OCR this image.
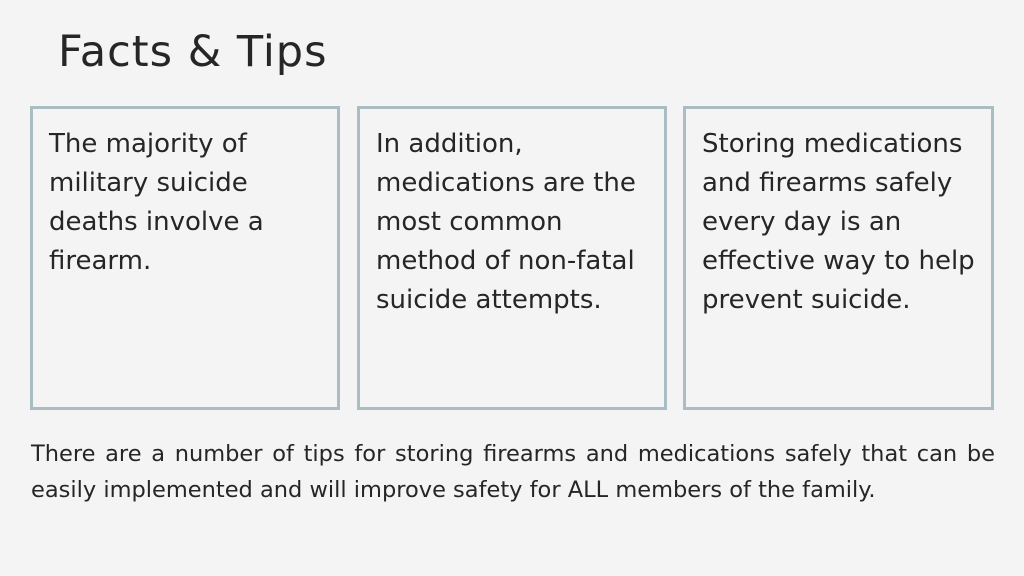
Facts & Tips
The majority of military suicide deaths involve a firearm.
In addition, medications are the most common method of non-fatal suicide attempts.
Storing medications and firearms safely every day is an effective way to help prevent suicide.

There are a number of tips for storing firearms and medications safely that can be easily implemented and will improve safety for ALL members of the family.
